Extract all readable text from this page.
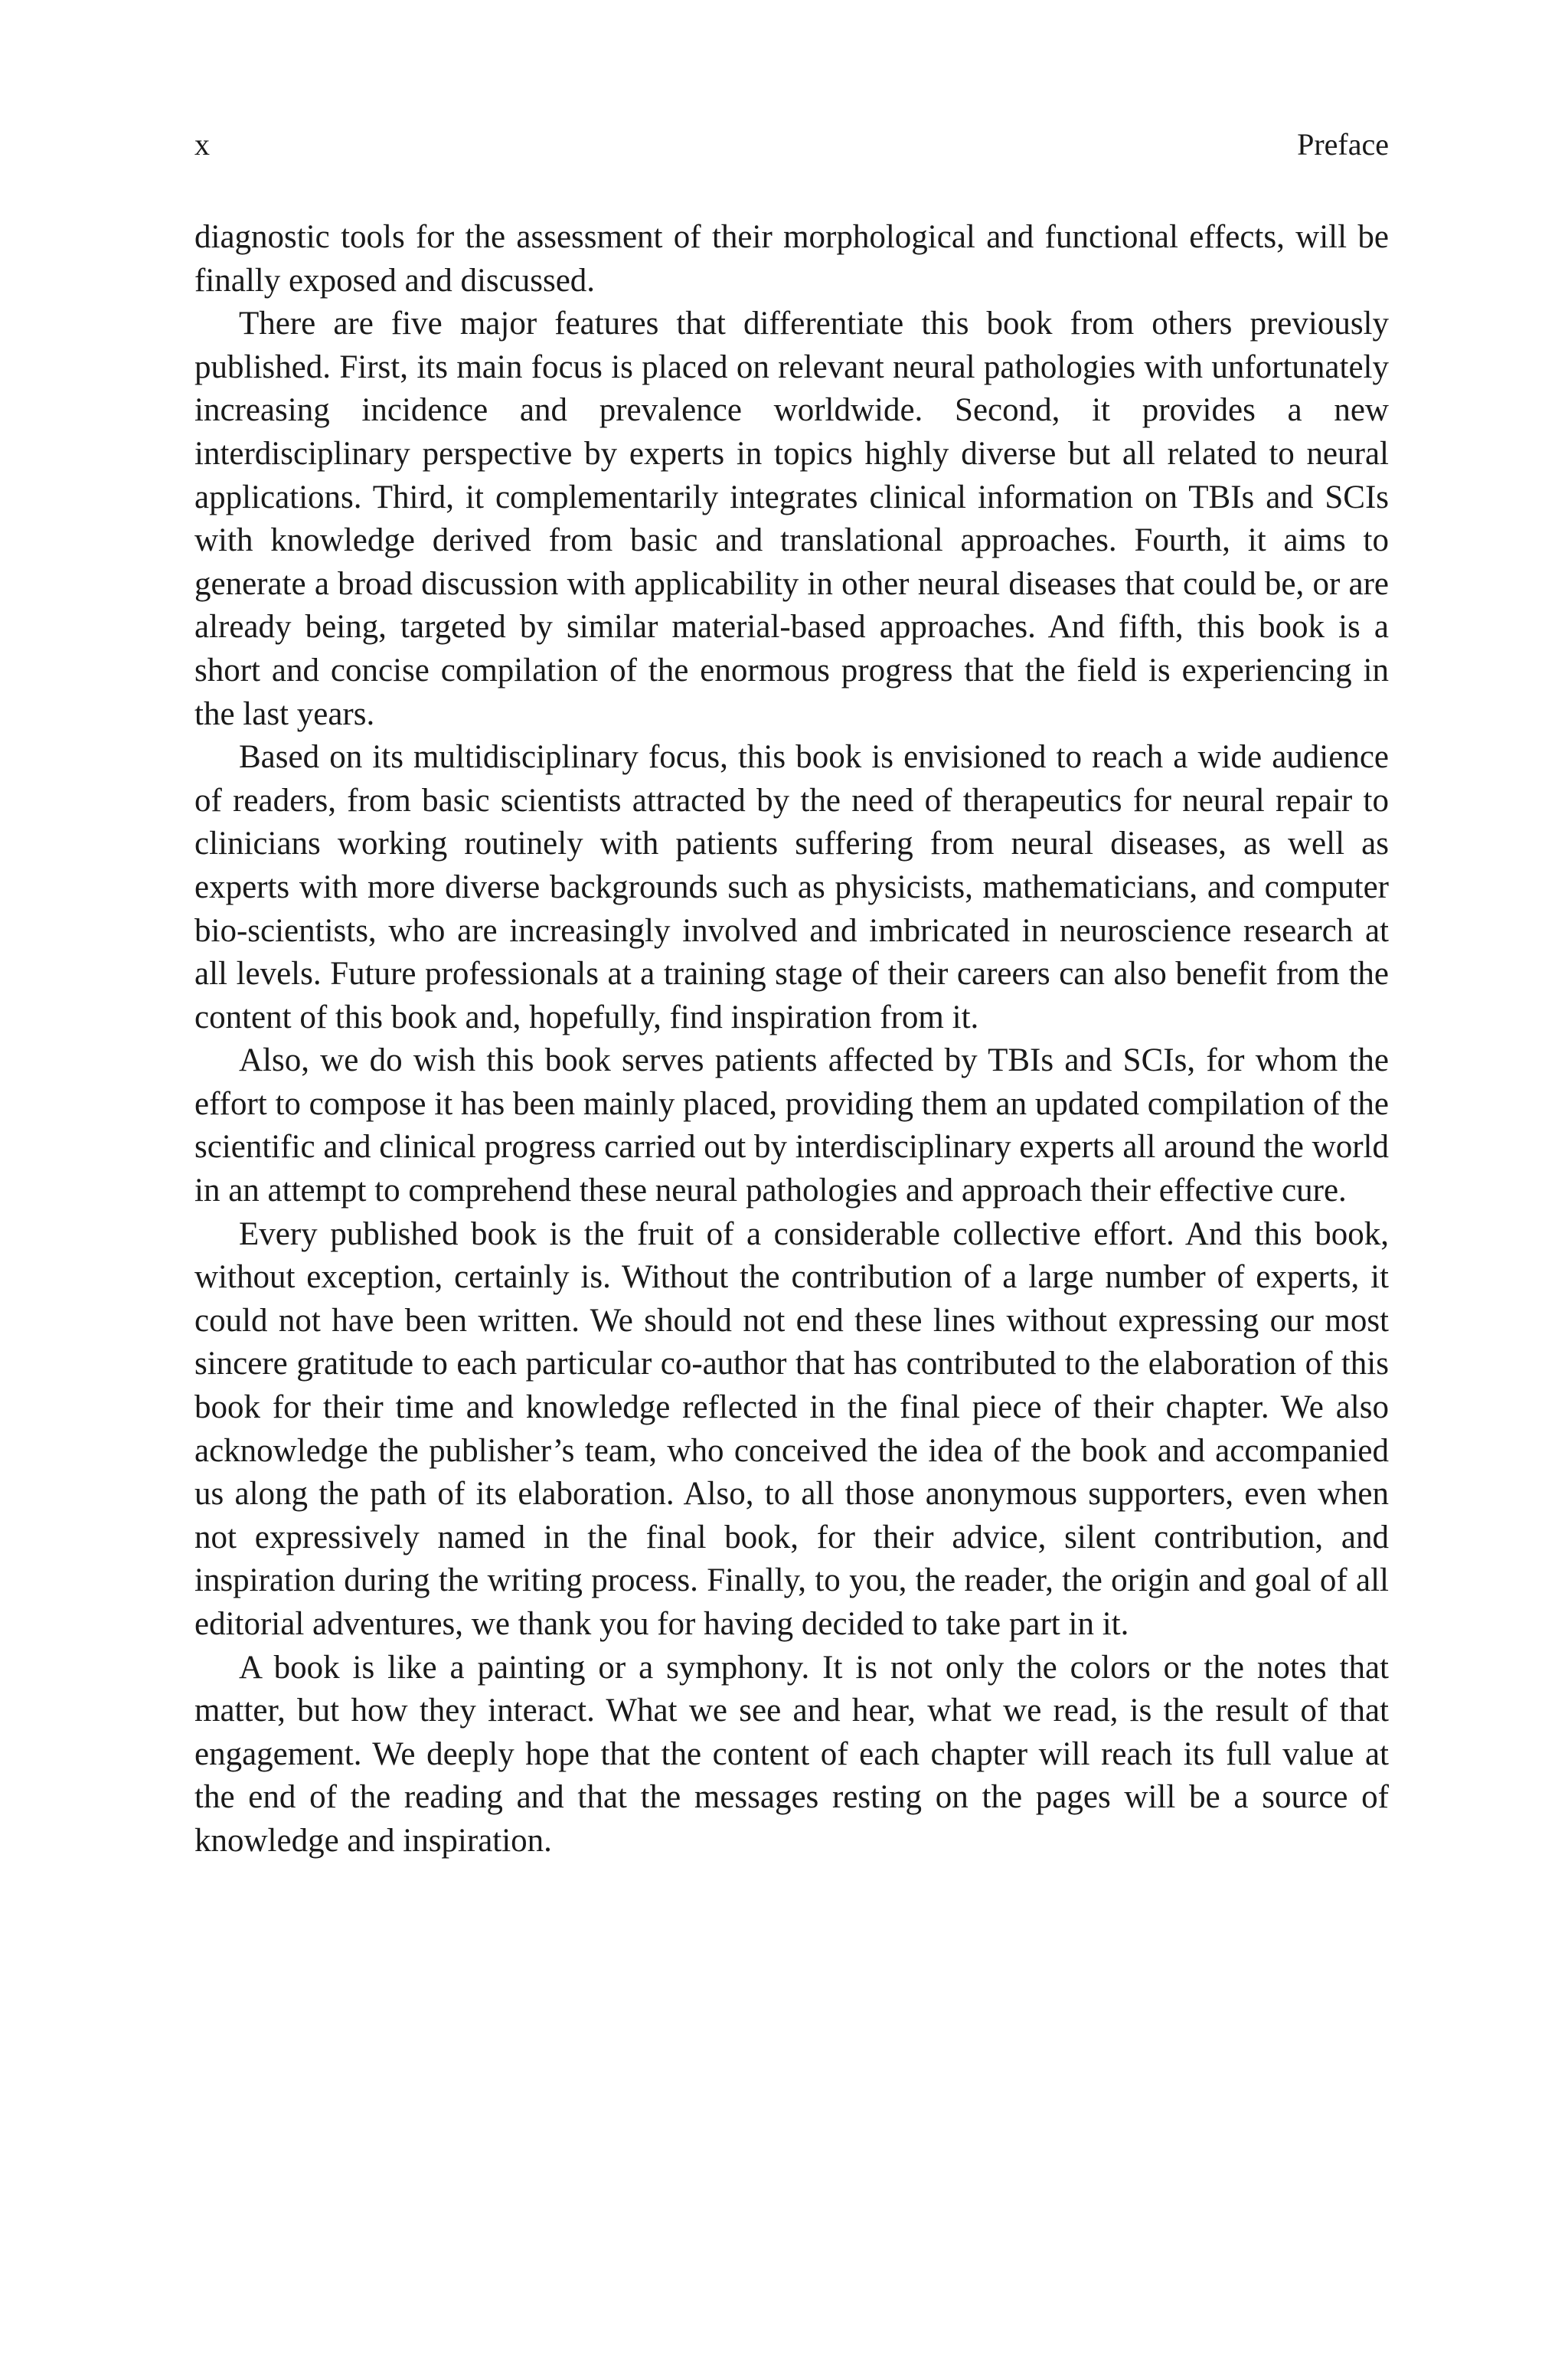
x	Preface

diagnostic tools for the assessment of their morphological and functional effects, will be finally exposed and discussed.

There are five major features that differentiate this book from others previously published. First, its main focus is placed on relevant neural pathologies with unfortunately increasing incidence and prevalence worldwide. Second, it provides a new interdisciplinary perspective by experts in topics highly diverse but all related to neural applications. Third, it complementarily integrates clinical information on TBIs and SCIs with knowledge derived from basic and translational approaches. Fourth, it aims to generate a broad discussion with applicability in other neural diseases that could be, or are already being, targeted by similar material-based approaches. And fifth, this book is a short and concise compilation of the enormous progress that the field is experiencing in the last years.

Based on its multidisciplinary focus, this book is envisioned to reach a wide audience of readers, from basic scientists attracted by the need of therapeutics for neural repair to clinicians working routinely with patients suffering from neural diseases, as well as experts with more diverse backgrounds such as physicists, mathematicians, and computer bio-scientists, who are increasingly involved and imbricated in neuroscience research at all levels. Future professionals at a training stage of their careers can also benefit from the content of this book and, hopefully, find inspiration from it.

Also, we do wish this book serves patients affected by TBIs and SCIs, for whom the effort to compose it has been mainly placed, providing them an updated compilation of the scientific and clinical progress carried out by interdisciplinary experts all around the world in an attempt to comprehend these neural pathologies and approach their effective cure.

Every published book is the fruit of a considerable collective effort. And this book, without exception, certainly is. Without the contribution of a large number of experts, it could not have been written. We should not end these lines without expressing our most sincere gratitude to each particular co-author that has contributed to the elaboration of this book for their time and knowledge reflected in the final piece of their chapter. We also acknowledge the publisher’s team, who conceived the idea of the book and accompanied us along the path of its elaboration. Also, to all those anonymous supporters, even when not expressively named in the final book, for their advice, silent contribution, and inspiration during the writing process. Finally, to you, the reader, the origin and goal of all editorial adventures, we thank you for having decided to take part in it.

A book is like a painting or a symphony. It is not only the colors or the notes that matter, but how they interact. What we see and hear, what we read, is the result of that engagement. We deeply hope that the content of each chapter will reach its full value at the end of the reading and that the messages resting on the pages will be a source of knowledge and inspiration.
